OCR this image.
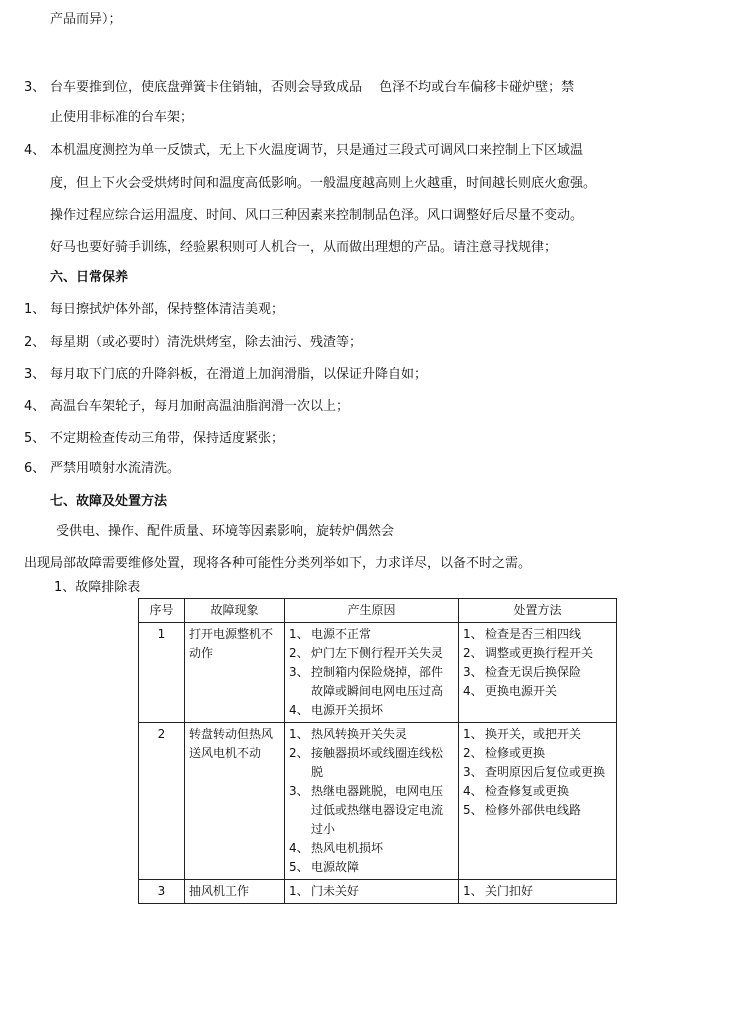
产品而异）；
3、 台车要推到位，使底盘弹簧卡住销轴，否则会导致成品　 色泽不均或台车偏移卡碰炉壁；禁
止使用非标准的台车架；
4、 本机温度测控为单一反馈式，无上下火温度调节，只是通过三段式可调风口来控制上下区域温
度，但上下火会受烘烤时间和温度高低影响。一般温度越高则上火越重，时间越长则底火愈强。
操作过程应综合运用温度、时间、风口三种因素来控制制品色泽。风口调整好后尽量不变动。
好马也要好骑手训练，经验累积则可人机合一，从而做出理想的产品。请注意寻找规律；
六、日常保养
1、 每日擦拭炉体外部，保持整体清洁美观；
2、 每星期（或必要时）清洗烘烤室，除去油污、残渣等；
3、 每月取下门底的升降斜板，在滑道上加润滑脂，以保证升降自如；
4、 高温台车架轮子，每月加耐高温油脂润滑一次以上；
5、 不定期检查传动三角带，保持适度紧张；
6、 严禁用喷射水流清洗。
七、故障及处置方法
受供电、操作、配件质量、环境等因素影响，旋转炉偶然会
出现局部故障需要维修处置，现将各种可能性分类列举如下，力求详尽，以备不时之需。
1、故障排除表
序号	故障现象	产生原因	处置方法
1	打开电源整机不动作	1、 电源不正常
2、 炉门左下侧行程开关失灵
3、 控制箱内保险烧掉，部件故障或瞬间电网电压过高
4、 电源开关损坏	1、 检查是否三相四线
2、 调整或更换行程开关
3、 检查无误后换保险
4、 更换电源开关

2	转盘转动但热风送风电机不动	1、 热风转换开关失灵
2、 接触器损坏或线圈连线松脱
3、 热继电器跳脱，电网电压过低或热继电器设定电流过小
4、 热风电机损坏
5、 电源故障	1、 换开关，或把开关
2、 检修或更换
3、 查明原因后复位或更换
4、 检查修复或更换
5、 检修外部供电线路

3	抽风机工作	1、 门未关好	1、 关门扣好
